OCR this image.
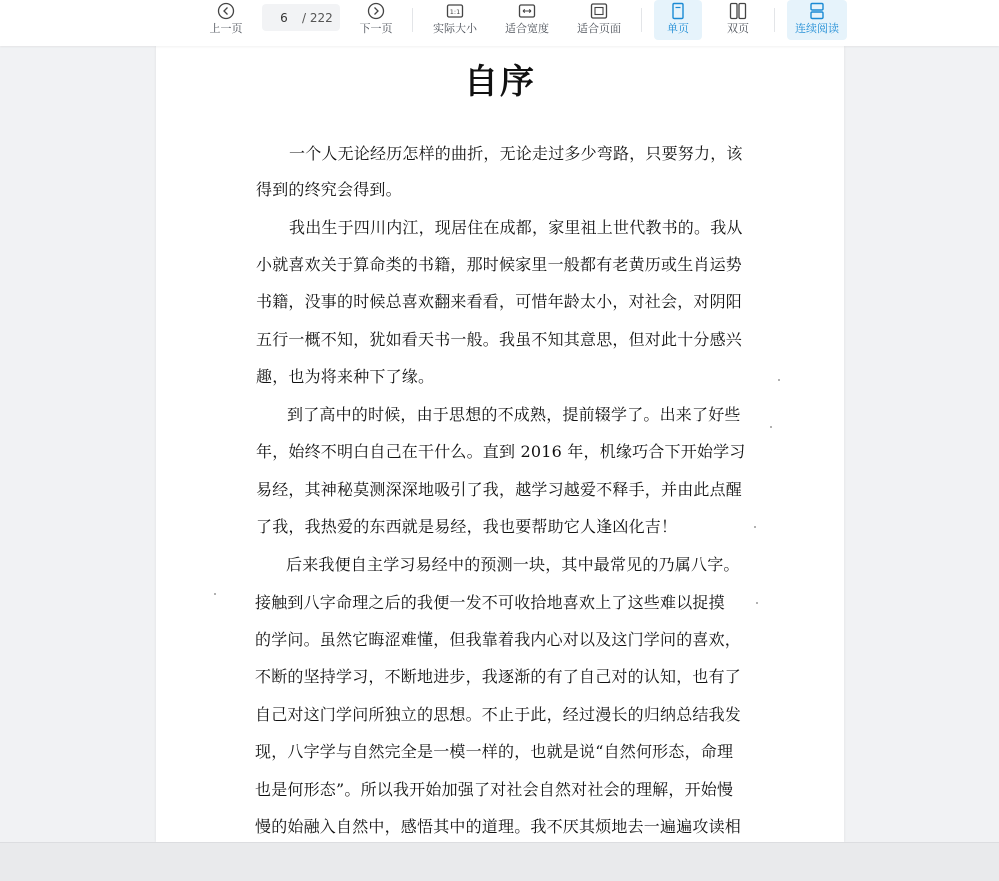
上一页
6	/ 222
下一页
1:1
实际大小	适合宽度	适合页面	单页	双页	连续阅读
自序
一个人无论经历怎样的曲折，无论走过多少弯路，只要努力，该
得到的终究会得到。
我出生于四川内江，现居住在成都，家里祖上世代教书的。我从
小就喜欢关于算命类的书籍，那时候家里一般都有老黄历或生肖运势
书籍，没事的时候总喜欢翻来看看，可惜年龄太小，对社会，对阴阳
五行一概不知，犹如看天书一般。我虽不知其意思，但对此十分感兴
趣，也为将来种下了缘。
到了高中的时候，由于思想的不成熟，提前辍学了。出来了好些
年，始终不明白自己在干什么。直到 2016 年，机缘巧合下开始学习
易经，其神秘莫测深深地吸引了我，越学习越爱不释手，并由此点醒
了我，我热爱的东西就是易经，我也要帮助它人逢凶化吉！
后来我便自主学习易经中的预测一块，其中最常见的乃属八字。
接触到八字命理之后的我便一发不可收拾地喜欢上了这些难以捉摸
的学问。虽然它晦涩难懂，但我靠着我内心对以及这门学问的喜欢，
不断的坚持学习，不断地进步，我逐渐的有了自己对的认知，也有了
自己对这门学问所独立的思想。不止于此，经过漫长的归纳总结我发
现，八字学与自然完全是一模一样的，也就是说“自然何形态，命理
也是何形态”。所以我开始加强了对社会自然对社会的理解，开始慢
慢的始融入自然中，感悟其中的道理。我不厌其烦地去一遍遍攻读相
